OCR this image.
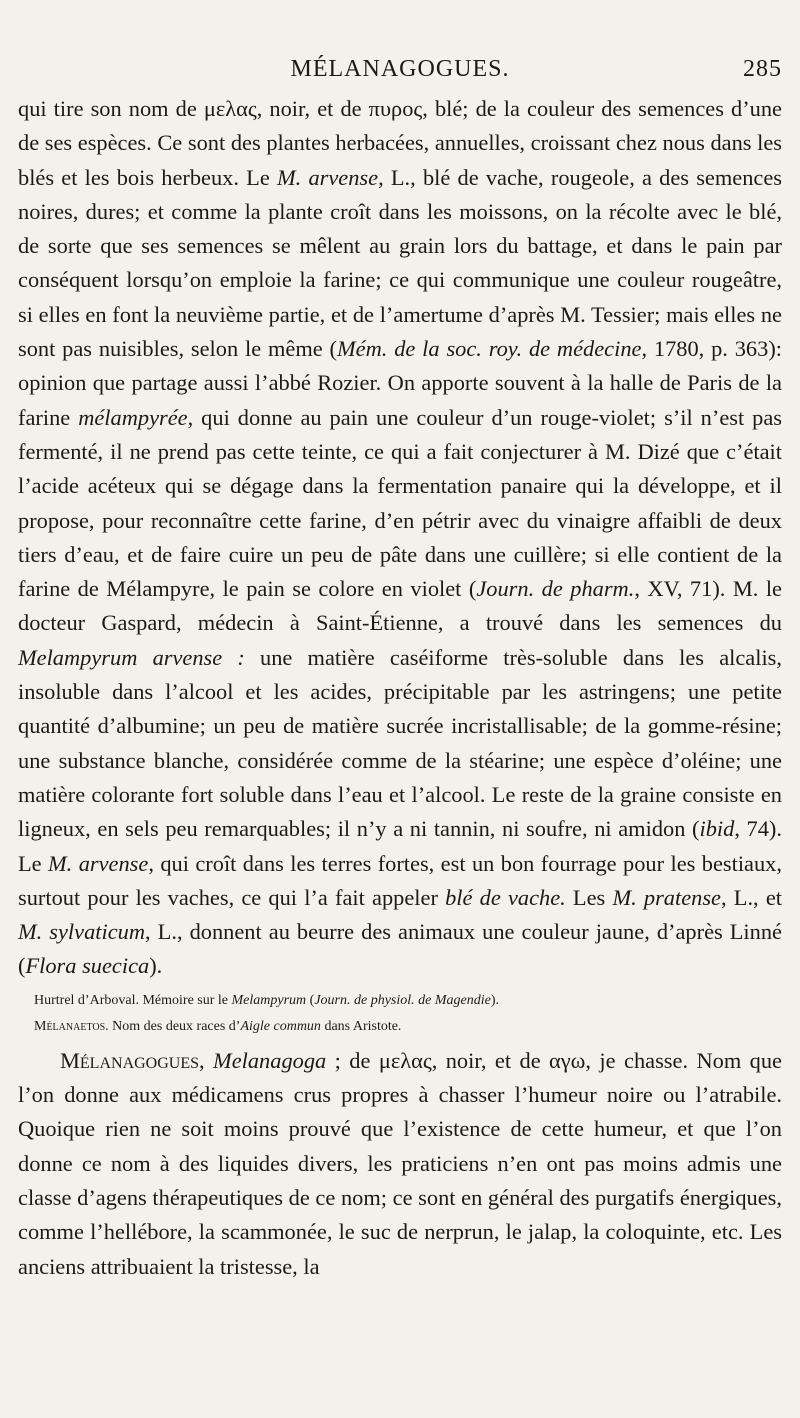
MÉLANAGOGUES.	285
qui tire son nom de μελας, noir, et de πυρος, blé; de la couleur des semences d’une de ses espèces. Ce sont des plantes herbacées, annuelles, croissant chez nous dans les blés et les bois herbeux. Le M. arvense, L., blé de vache, rougeole, a des semences noires, dures; et comme la plante croît dans les moissons, on la récolte avec le blé, de sorte que ses semences se mêlent au grain lors du battage, et dans le pain par conséquent lorsqu’on emploie la farine; ce qui communique une couleur rougeâtre, si elles en font la neuvième partie, et de l’amertume d’après M. Tessier; mais elles ne sont pas nuisibles, selon le même (Mém. de la soc. roy. de médecine, 1780, p. 363): opinion que partage aussi l’abbé Rozier. On apporte souvent à la halle de Paris de la farine mélampyrée, qui donne au pain une couleur d’un rouge-violet; s’il n’est pas fermenté, il ne prend pas cette teinte, ce qui a fait conjecturer à M. Dizé que c’était l’acide acéteux qui se dégage dans la fermentation panaire qui la développe, et il propose, pour reconnaître cette farine, d’en pétrir avec du vinaigre affaibli de deux tiers d’eau, et de faire cuire un peu de pâte dans une cuillère; si elle contient de la farine de Mélampyre, le pain se colore en violet (Journ. de pharm., XV, 71). M. le docteur Gaspard, médecin à Saint-Étienne, a trouvé dans les semences du Melampyrum arvense : une matière caséiforme très-soluble dans les alcalis, insoluble dans l’alcool et les acides, précipitable par les astringens; une petite quantité d’albumine; un peu de matière sucrée incristallisable; de la gomme-résine; une substance blanche, considérée comme de la stéarine; une espèce d’oléine; une matière colorante fort soluble dans l’eau et l’alcool. Le reste de la graine consiste en ligneux, en sels peu remarquables; il n’y a ni tannin, ni soufre, ni amidon (ibid, 74). Le M. arvense, qui croît dans les terres fortes, est un bon fourrage pour les bestiaux, surtout pour les vaches, ce qui l’a fait appeler blé de vache. Les M. pratense, L., et M. sylvaticum, L., donnent au beurre des animaux une couleur jaune, d’après Linné (Flora suecica).

Hurtrel d’Arboval. Mémoire sur le Melampyrum (Journ. de physiol. de Magendie).

Mélanaetos. Nom des deux races d’Aigle commun dans Aristote.

Mélanagogues, Melanagoga ; de μελας, noir, et de αγω, je chasse. Nom que l’on donne aux médicamens crus propres à chasser l’humeur noire ou l’atrabile. Quoique rien ne soit moins prouvé que l’existence de cette humeur, et que l’on donne ce nom à des liquides divers, les praticiens n’en ont pas moins admis une classe d’agens thérapeutiques de ce nom; ce sont en général des purgatifs énergiques, comme l’hellébore, la scammonée, le suc de nerprun, le jalap, la coloquinte, etc. Les anciens attribuaient la tristesse, la
